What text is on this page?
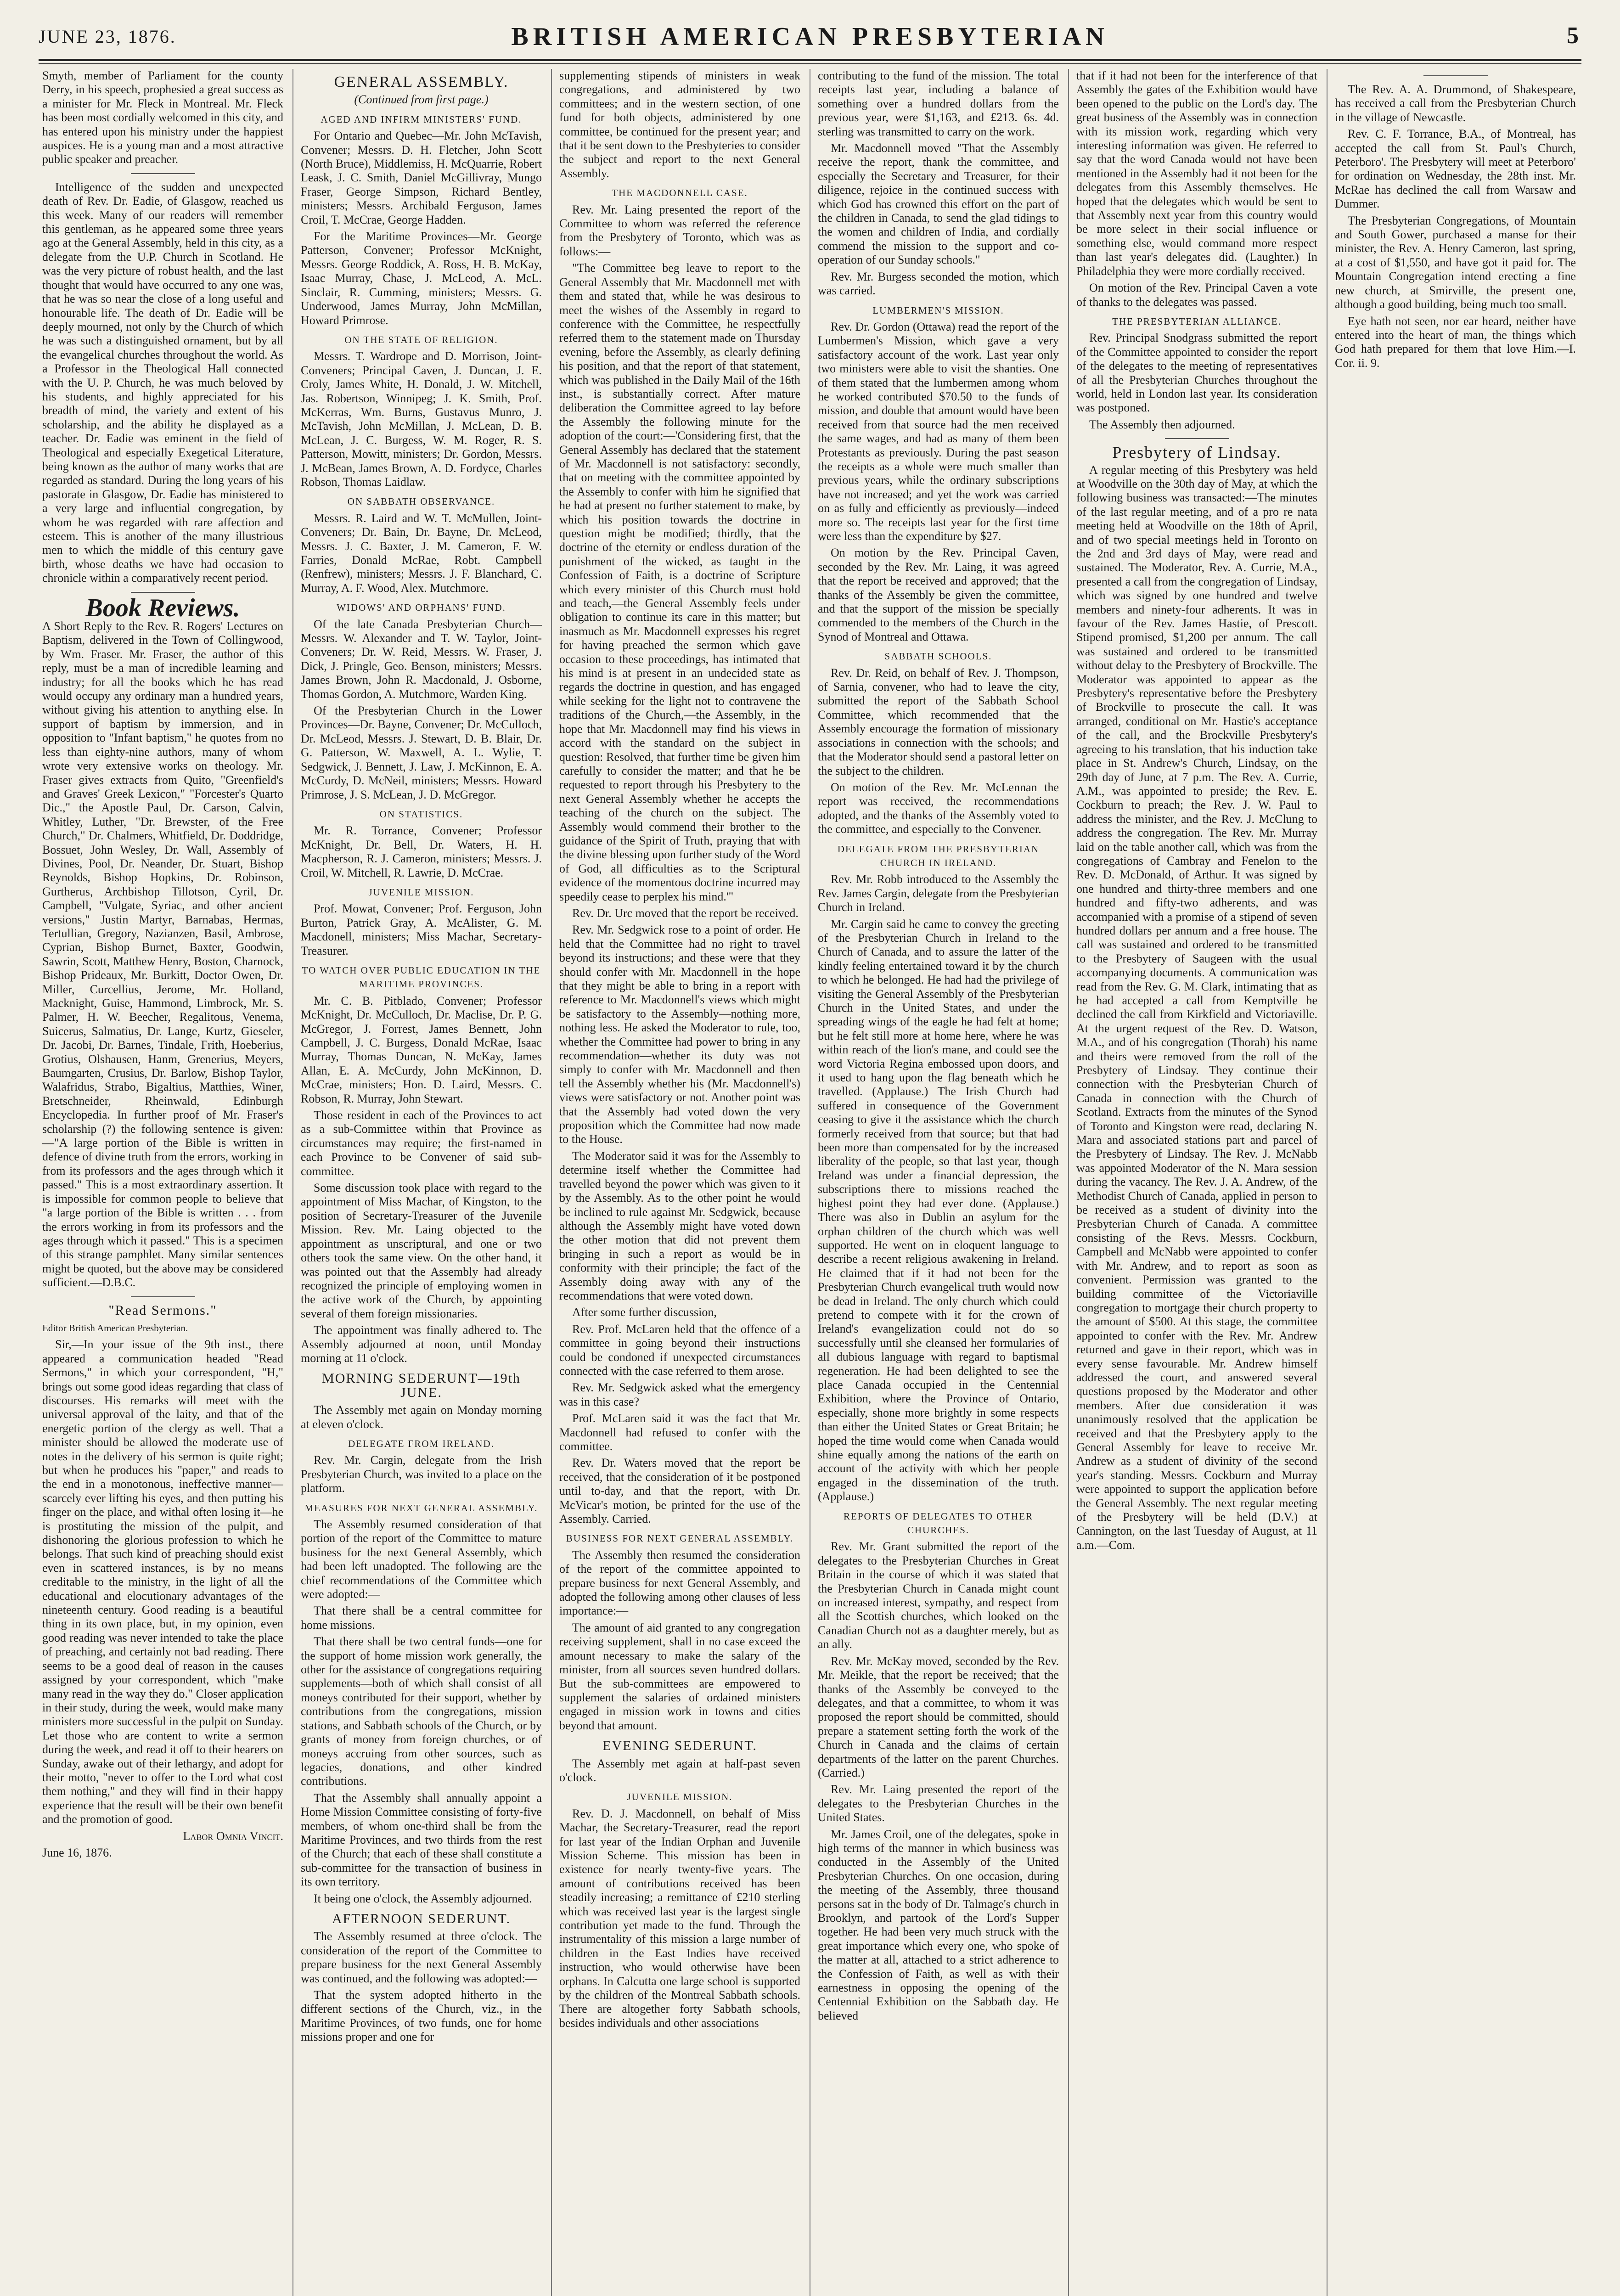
JUNE 23, 1876.	BRITISH AMERICAN PRESBYTERIAN	5

Smyth, member of Parliament for the county Derry, in his speech, prophesied a great success as a minister for Mr. Fleck in Montreal. Mr. Fleck has been most cordially welcomed in this city, and has entered upon his ministry under the happiest auspices. He is a young man and a most attractive public speaker and preacher.

Intelligence of the sudden and unexpected death of Rev. Dr. Eadie, of Glasgow, reached us this week. Many of our readers will remember this gentleman, as he appeared some three years ago at the General Assembly, held in this city, as a delegate from the U.P. Church in Scotland. He was the very picture of robust health, and the last thought that would have occurred to any one was, that he was so near the close of a long useful and honourable life. The death of Dr. Eadie will be deeply mourned, not only by the Church of which he was such a distinguished ornament, but by all the evangelical churches throughout the world. As a Professor in the Theological Hall connected with the U. P. Church, he was much beloved by his students, and highly appreciated for his breadth of mind, the variety and extent of his scholarship, and the ability he displayed as a teacher. Dr. Eadie was eminent in the field of Theological and especially Exegetical Literature, being known as the author of many works that are regarded as standard. During the long years of his pastorate in Glasgow, Dr. Eadie has ministered to a very large and influential congregation, by whom he was regarded with rare affection and esteem. This is another of the many illustrious men to which the middle of this century gave birth, whose deaths we have had occasion to chronicle within a comparatively recent period.

Book Reviews.

A Short Reply to the Rev. R. Rogers' Lectures on Baptism, delivered in the Town of Collingwood, by Wm. Fraser. Mr. Fraser, the author of this reply, must be a man of incredible learning and industry; for all the books which he has read would occupy any ordinary man a hundred years, without giving his attention to anything else. In support of baptism by immersion, and in opposition to "Infant baptism," he quotes from no less than eighty-nine authors, many of whom wrote very extensive works on theology. Mr. Fraser gives extracts from Quito, "Greenfield's and Graves' Greek Lexicon," "Forcester's Quarto Dic.," the Apostle Paul, Dr. Carson, Calvin, Whitley, Luther, "Dr. Brewster, of the Free Church," Dr. Chalmers, Whitfield, Dr. Doddridge, Bossuet, John Wesley, Dr. Wall, Assembly of Divines, Pool, Dr. Neander, Dr. Stuart, Bishop Reynolds, Bishop Hopkins, Dr. Robinson, Gurtherus, Archbishop Tillotson, Cyril, Dr. Campbell, "Vulgate, Syriac, and other ancient versions," Justin Martyr, Barnabas, Hermas, Tertullian, Gregory, Nazianzen, Basil, Ambrose, Cyprian, Bishop Burnet, Baxter, Goodwin, Sawrin, Scott, Matthew Henry, Boston, Charnock, Bishop Prideaux, Mr. Burkitt, Doctor Owen, Dr. Miller, Curcellius, Jerome, Mr. Holland, Macknight, Guise, Hammond, Limbrock, Mr. S. Palmer, H. W. Beecher, Regalitous, Venema, Suicerus, Salmatius, Dr. Lange, Kurtz, Gieseler, Dr. Jacobi, Dr. Barnes, Tindale, Frith, Hoeberius, Grotius, Olshausen, Hanm, Grenerius, Meyers, Baumgarten, Crusius, Dr. Barlow, Bishop Taylor, Walafridus, Strabo, Bigaltius, Matthies, Winer, Bretschneider, Rheinwald, Edinburgh Encyclopedia. In further proof of Mr. Fraser's scholarship (?) the following sentence is given:—"A large portion of the Bible is written in defence of divine truth from the errors, working in from its professors and the ages through which it passed." This is a most extraordinary assertion. It is impossible for common people to believe that "a large portion of the Bible is written . . . from the errors working in from its professors and the ages through which it passed." This is a specimen of this strange pamphlet. Many similar sentences might be quoted, but the above may be considered sufficient.—D.B.C.

"Read Sermons."

Editor British American Presbyterian.

Sir,—In your issue of the 9th inst., there appeared a communication headed "Read Sermons," in which your correspondent, "H," brings out some good ideas regarding that class of discourses. His remarks will meet with the universal approval of the laity, and that of the energetic portion of the clergy as well. That a minister should be allowed the moderate use of notes in the delivery of his sermon is quite right; but when he produces his "paper," and reads to the end in a monotonous, ineffective manner—scarcely ever lifting his eyes, and then putting his finger on the place, and withal often losing it—he is prostituting the mission of the pulpit, and dishonoring the glorious profession to which he belongs. That such kind of preaching should exist even in scattered instances, is by no means creditable to the ministry, in the light of all the educational and elocutionary advantages of the nineteenth century. Good reading is a beautiful thing in its own place, but, in my opinion, even good reading was never intended to take the place of preaching, and certainly not bad reading. There seems to be a good deal of reason in the causes assigned by your correspondent, which "make many read in the way they do." Closer application in their study, during the week, would make many ministers more successful in the pulpit on Sunday. Let those who are content to write a sermon during the week, and read it off to their hearers on Sunday, awake out of their lethargy, and adopt for their motto, "never to offer to the Lord what cost them nothing," and they will find in their happy experience that the result will be their own benefit and the promotion of good.

Labor Omnia Vincit.

June 16, 1876.

GENERAL ASSEMBLY.

(Continued from first page.)

AGED AND INFIRM MINISTERS' FUND.

For Ontario and Quebec—Mr. John McTavish, Convener; Messrs. D. H. Fletcher, John Scott (North Bruce), Middlemiss, H. McQuarrie, Robert Leask, J. C. Smith, Daniel McGillivray, Mungo Fraser, George Simpson, Richard Bentley, ministers; Messrs. Archibald Ferguson, James Croil, T. McCrae, George Hadden.

For the Maritime Provinces—Mr. George Patterson, Convener; Professor McKnight, Messrs. George Roddick, A. Ross, H. B. McKay, Isaac Murray, Chase, J. McLeod, A. McL. Sinclair, R. Cumming, ministers; Messrs. G. Underwood, James Murray, John McMillan, Howard Primrose.

ON THE STATE OF RELIGION.

Messrs. T. Wardrope and D. Morrison, Joint-Conveners; Principal Caven, J. Duncan, J. E. Croly, James White, H. Donald, J. W. Mitchell, Jas. Robertson, Winnipeg; J. K. Smith, Prof. McKerras, Wm. Burns, Gustavus Munro, J. McTavish, John McMillan, J. McLean, D. B. McLean, J. C. Burgess, W. M. Roger, R. S. Patterson, Mowitt, ministers; Dr. Gordon, Messrs. J. McBean, James Brown, A. D. Fordyce, Charles Robson, Thomas Laidlaw.

ON SABBATH OBSERVANCE.

Messrs. R. Laird and W. T. McMullen, Joint-Conveners; Dr. Bain, Dr. Bayne, Dr. McLeod, Messrs. J. C. Baxter, J. M. Cameron, F. W. Farries, Donald McRae, Robt. Campbell (Renfrew), ministers; Messrs. J. F. Blanchard, C. Murray, A. F. Wood, Alex. Mutchmore.

WIDOWS' AND ORPHANS' FUND.

Of the late Canada Presbyterian Church—Messrs. W. Alexander and T. W. Taylor, Joint-Conveners; Dr. W. Reid, Messrs. W. Fraser, J. Dick, J. Pringle, Geo. Benson, ministers; Messrs. James Brown, John R. Macdonald, J. Osborne, Thomas Gordon, A. Mutchmore, Warden King.

Of the Presbyterian Church in the Lower Provinces—Dr. Bayne, Convener; Dr. McCulloch, Dr. McLeod, Messrs. J. Stewart, D. B. Blair, Dr. G. Patterson, W. Maxwell, A. L. Wylie, T. Sedgwick, J. Bennett, J. Law, J. McKinnon, E. A. McCurdy, D. McNeil, ministers; Messrs. Howard Primrose, J. S. McLean, J. D. McGregor.

ON STATISTICS.

Mr. R. Torrance, Convener; Professor McKnight, Dr. Bell, Dr. Waters, H. H. Macpherson, R. J. Cameron, ministers; Messrs. J. Croil, W. Mitchell, R. Lawrie, D. McCrae.

JUVENILE MISSION.

Prof. Mowat, Convener; Prof. Ferguson, John Burton, Patrick Gray, A. McAlister, G. M. Macdonell, ministers; Miss Machar, Secretary-Treasurer.

TO WATCH OVER PUBLIC EDUCATION IN THE MARITIME PROVINCES.

Mr. C. B. Pitblado, Convener; Professor McKnight, Dr. McCulloch, Dr. Maclise, Dr. P. G. McGregor, J. Forrest, James Bennett, John Campbell, J. C. Burgess, Donald McRae, Isaac Murray, Thomas Duncan, N. McKay, James Allan, E. A. McCurdy, John McKinnon, D. McCrae, ministers; Hon. D. Laird, Messrs. C. Robson, R. Murray, John Stewart.

Those resident in each of the Provinces to act as a sub-Committee within that Province as circumstances may require; the first-named in each Province to be Convener of said sub-committee.

Some discussion took place with regard to the appointment of Miss Machar, of Kingston, to the position of Secretary-Treasurer of the Juvenile Mission. Rev. Mr. Laing objected to the appointment as unscriptural, and one or two others took the same view. On the other hand, it was pointed out that the Assembly had already recognized the principle of employing women in the active work of the Church, by appointing several of them foreign missionaries.

The appointment was finally adhered to. The Assembly adjourned at noon, until Monday morning at 11 o'clock.

MORNING SEDERUNT—19th JUNE.

The Assembly met again on Monday morning at eleven o'clock.

DELEGATE FROM IRELAND.

Rev. Mr. Cargin, delegate from the Irish Presbyterian Church, was invited to a place on the platform.

MEASURES FOR NEXT GENERAL ASSEMBLY.

The Assembly resumed consideration of that portion of the report of the Committee to mature business for the next General Assembly, which had been left unadopted. The following are the chief recommendations of the Committee which were adopted:—

That there shall be a central committee for home missions.

That there shall be two central funds—one for the support of home mission work generally, the other for the assistance of congregations requiring supplements—both of which shall consist of all moneys contributed for their support, whether by contributions from the congregations, mission stations, and Sabbath schools of the Church, or by grants of money from foreign churches, or of moneys accruing from other sources, such as legacies, donations, and other kindred contributions.

That the Assembly shall annually appoint a Home Mission Committee consisting of forty-five members, of whom one-third shall be from the Maritime Provinces, and two thirds from the rest of the Church; that each of these shall constitute a sub-committee for the transaction of business in its own territory.

It being one o'clock, the Assembly adjourned.

AFTERNOON SEDERUNT.

The Assembly resumed at three o'clock. The consideration of the report of the Committee to prepare business for the next General Assembly was continued, and the following was adopted:—

That the system adopted hitherto in the different sections of the Church, viz., in the Maritime Provinces, of two funds, one for home missions proper and one for

supplementing stipends of ministers in weak congregations, and administered by two committees; and in the western section, of one fund for both objects, administered by one committee, be continued for the present year; and that it be sent down to the Presbyteries to consider the subject and report to the next General Assembly.

THE MACDONNELL CASE.

Rev. Mr. Laing presented the report of the Committee to whom was referred the reference from the Presbytery of Toronto, which was as follows:—

"The Committee beg leave to report to the General Assembly that Mr. Macdonnell met with them and stated that, while he was desirous to meet the wishes of the Assembly in regard to conference with the Committee, he respectfully referred them to the statement made on Thursday evening, before the Assembly, as clearly defining his position, and that the report of that statement, which was published in the Daily Mail of the 16th inst., is substantially correct. After mature deliberation the Committee agreed to lay before the Assembly the following minute for the adoption of the court:—'Considering first, that the General Assembly has declared that the statement of Mr. Macdonnell is not satisfactory: secondly, that on meeting with the committee appointed by the Assembly to confer with him he signified that he had at present no further statement to make, by which his position towards the doctrine in question might be modified; thirdly, that the doctrine of the eternity or endless duration of the punishment of the wicked, as taught in the Confession of Faith, is a doctrine of Scripture which every minister of this Church must hold and teach,—the General Assembly feels under obligation to continue its care in this matter; but inasmuch as Mr. Macdonnell expresses his regret for having preached the sermon which gave occasion to these proceedings, has intimated that his mind is at present in an undecided state as regards the doctrine in question, and has engaged while seeking for the light not to contravene the traditions of the Church,—the Assembly, in the hope that Mr. Macdonnell may find his views in accord with the standard on the subject in question: Resolved, that further time be given him carefully to consider the matter; and that he be requested to report through his Presbytery to the next General Assembly whether he accepts the teaching of the church on the subject. The Assembly would commend their brother to the guidance of the Spirit of Truth, praying that with the divine blessing upon further study of the Word of God, all difficulties as to the Scriptural evidence of the momentous doctrine incurred may speedily cease to perplex his mind.'"

Rev. Dr. Urc moved that the report be received.

Rev. Mr. Sedgwick rose to a point of order. He held that the Committee had no right to travel beyond its instructions; and these were that they should confer with Mr. Macdonnell in the hope that they might be able to bring in a report with reference to Mr. Macdonnell's views which might be satisfactory to the Assembly—nothing more, nothing less. He asked the Moderator to rule, too, whether the Committee had power to bring in any recommendation—whether its duty was not simply to confer with Mr. Macdonnell and then tell the Assembly whether his (Mr. Macdonnell's) views were satisfactory or not. Another point was that the Assembly had voted down the very proposition which the Committee had now made to the House.

The Moderator said it was for the Assembly to determine itself whether the Committee had travelled beyond the power which was given to it by the Assembly. As to the other point he would be inclined to rule against Mr. Sedgwick, because although the Assembly might have voted down the other motion that did not prevent them bringing in such a report as would be in conformity with their principle; the fact of the Assembly doing away with any of the recommendations that were voted down.

After some further discussion,

Rev. Prof. McLaren held that the offence of a committee in going beyond their instructions could be condoned if unexpected circumstances connected with the case referred to them arose.

Rev. Mr. Sedgwick asked what the emergency was in this case?

Prof. McLaren said it was the fact that Mr. Macdonnell had refused to confer with the committee.

Rev. Dr. Waters moved that the report be received, that the consideration of it be postponed until to-day, and that the report, with Dr. McVicar's motion, be printed for the use of the Assembly. Carried.

BUSINESS FOR NEXT GENERAL ASSEMBLY.

The Assembly then resumed the consideration of the report of the committee appointed to prepare business for next General Assembly, and adopted the following among other clauses of less importance:—

The amount of aid granted to any congregation receiving supplement, shall in no case exceed the amount necessary to make the salary of the minister, from all sources seven hundred dollars. But the sub-committees are empowered to supplement the salaries of ordained ministers engaged in mission work in towns and cities beyond that amount.

EVENING SEDERUNT.

The Assembly met again at half-past seven o'clock.

JUVENILE MISSION.

Rev. D. J. Macdonnell, on behalf of Miss Machar, the Secretary-Treasurer, read the report for last year of the Indian Orphan and Juvenile Mission Scheme. This mission has been in existence for nearly twenty-five years. The amount of contributions received has been steadily increasing; a remittance of £210 sterling which was received last year is the largest single contribution yet made to the fund. Through the instrumentality of this mission a large number of children in the East Indies have received instruction, who would otherwise have been orphans. In Calcutta one large school is supported by the children of the Montreal Sabbath schools. There are altogether forty Sabbath schools, besides individuals and other associations

contributing to the fund of the mission. The total receipts last year, including a balance of something over a hundred dollars from the previous year, were $1,163, and £213. 6s. 4d. sterling was transmitted to carry on the work.

Mr. Macdonnell moved "That the Assembly receive the report, thank the committee, and especially the Secretary and Treasurer, for their diligence, rejoice in the continued success with which God has crowned this effort on the part of the children in Canada, to send the glad tidings to the women and children of India, and cordially commend the mission to the support and co-operation of our Sunday schools."

Rev. Mr. Burgess seconded the motion, which was carried.

LUMBERMEN'S MISSION.

Rev. Dr. Gordon (Ottawa) read the report of the Lumbermen's Mission, which gave a very satisfactory account of the work. Last year only two ministers were able to visit the shanties. One of them stated that the lumbermen among whom he worked contributed $70.50 to the funds of mission, and double that amount would have been received from that source had the men received the same wages, and had as many of them been Protestants as previously. During the past season the receipts as a whole were much smaller than previous years, while the ordinary subscriptions have not increased; and yet the work was carried on as fully and efficiently as previously—indeed more so. The receipts last year for the first time were less than the expenditure by $27.

On motion by the Rev. Principal Caven, seconded by the Rev. Mr. Laing, it was agreed that the report be received and approved; that the thanks of the Assembly be given the committee, and that the support of the mission be specially commended to the members of the Church in the Synod of Montreal and Ottawa.

SABBATH SCHOOLS.

Rev. Dr. Reid, on behalf of Rev. J. Thompson, of Sarnia, convener, who had to leave the city, submitted the report of the Sabbath School Committee, which recommended that the Assembly encourage the formation of missionary associations in connection with the schools; and that the Moderator should send a pastoral letter on the subject to the children.

On motion of the Rev. Mr. McLennan the report was received, the recommendations adopted, and the thanks of the Assembly voted to the committee, and especially to the Convener.

DELEGATE FROM THE PRESBYTERIAN CHURCH IN IRELAND.

Rev. Mr. Robb introduced to the Assembly the Rev. James Cargin, delegate from the Presbyterian Church in Ireland.

Mr. Cargin said he came to convey the greeting of the Presbyterian Church in Ireland to the Church of Canada, and to assure the latter of the kindly feeling entertained toward it by the church to which he belonged. He had had the privilege of visiting the General Assembly of the Presbyterian Church in the United States, and under the spreading wings of the eagle he had felt at home; but he felt still more at home here, where he was within reach of the lion's mane, and could see the word Victoria Regina embossed upon doors, and it used to hang upon the flag beneath which he travelled. (Applause.) The Irish Church had suffered in consequence of the Government ceasing to give it the assistance which the church formerly received from that source; but that had been more than compensated for by the increased liberality of the people, so that last year, though Ireland was under a financial depression, the subscriptions there to missions reached the highest point they had ever done. (Applause.) There was also in Dublin an asylum for the orphan children of the church which was well supported. He went on in eloquent language to describe a recent religious awakening in Ireland. He claimed that if it had not been for the Presbyterian Church evangelical truth would now be dead in Ireland. The only church which could pretend to compete with it for the crown of Ireland's evangelization could not do so successfully until she cleansed her formularies of all dubious language with regard to baptismal regeneration. He had been delighted to see the place Canada occupied in the Centennial Exhibition, where the Province of Ontario, especially, shone more brightly in some respects than either the United States or Great Britain; he hoped the time would come when Canada would shine equally among the nations of the earth on account of the activity with which her people engaged in the dissemination of the truth. (Applause.)

REPORTS OF DELEGATES TO OTHER CHURCHES.

Rev. Mr. Grant submitted the report of the delegates to the Presbyterian Churches in Great Britain in the course of which it was stated that the Presbyterian Church in Canada might count on increased interest, sympathy, and respect from all the Scottish churches, which looked on the Canadian Church not as a daughter merely, but as an ally.

Rev. Mr. McKay moved, seconded by the Rev. Mr. Meikle, that the report be received; that the thanks of the Assembly be conveyed to the delegates, and that a committee, to whom it was proposed the report should be committed, should prepare a statement setting forth the work of the Church in Canada and the claims of certain departments of the latter on the parent Churches. (Carried.)

Rev. Mr. Laing presented the report of the delegates to the Presbyterian Churches in the United States.

Mr. James Croil, one of the delegates, spoke in high terms of the manner in which business was conducted in the Assembly of the United Presbyterian Churches. On one occasion, during the meeting of the Assembly, three thousand persons sat in the body of Dr. Talmage's church in Brooklyn, and partook of the Lord's Supper together. He had been very much struck with the great importance which every one, who spoke of the matter at all, attached to a strict adherence to the Confession of Faith, as well as with their earnestness in opposing the opening of the Centennial Exhibition on the Sabbath day. He believed

that if it had not been for the interference of that Assembly the gates of the Exhibition would have been opened to the public on the Lord's day. The great business of the Assembly was in connection with its mission work, regarding which very interesting information was given. He referred to say that the word Canada would not have been mentioned in the Assembly had it not been for the delegates from this Assembly themselves. He hoped that the delegates which would be sent to that Assembly next year from this country would be more select in their social influence or something else, would command more respect than last year's delegates did. (Laughter.) In Philadelphia they were more cordially received.

On motion of the Rev. Principal Caven a vote of thanks to the delegates was passed.

THE PRESBYTERIAN ALLIANCE.

Rev. Principal Snodgrass submitted the report of the Committee appointed to consider the report of the delegates to the meeting of representatives of all the Presbyterian Churches throughout the world, held in London last year. Its consideration was postponed.

The Assembly then adjourned.

Presbytery of Lindsay.

A regular meeting of this Presbytery was held at Woodville on the 30th day of May, at which the following business was transacted:—The minutes of the last regular meeting, and of a pro re nata meeting held at Woodville on the 18th of April, and of two special meetings held in Toronto on the 2nd and 3rd days of May, were read and sustained. The Moderator, Rev. A. Currie, M.A., presented a call from the congregation of Lindsay, which was signed by one hundred and twelve members and ninety-four adherents. It was in favour of the Rev. James Hastie, of Prescott. Stipend promised, $1,200 per annum. The call was sustained and ordered to be transmitted without delay to the Presbytery of Brockville. The Moderator was appointed to appear as the Presbytery's representative before the Presbytery of Brockville to prosecute the call. It was arranged, conditional on Mr. Hastie's acceptance of the call, and the Brockville Presbytery's agreeing to his translation, that his induction take place in St. Andrew's Church, Lindsay, on the 29th day of June, at 7 p.m. The Rev. A. Currie, A.M., was appointed to preside; the Rev. E. Cockburn to preach; the Rev. J. W. Paul to address the minister, and the Rev. J. McClung to address the congregation. The Rev. Mr. Murray laid on the table another call, which was from the congregations of Cambray and Fenelon to the Rev. D. McDonald, of Arthur. It was signed by one hundred and thirty-three members and one hundred and fifty-two adherents, and was accompanied with a promise of a stipend of seven hundred dollars per annum and a free house. The call was sustained and ordered to be transmitted to the Presbytery of Saugeen with the usual accompanying documents. A communication was read from the Rev. G. M. Clark, intimating that as he had accepted a call from Kemptville he declined the call from Kirkfield and Victoriaville. At the urgent request of the Rev. D. Watson, M.A., and of his congregation (Thorah) his name and theirs were removed from the roll of the Presbytery of Lindsay. They continue their connection with the Presbyterian Church of Canada in connection with the Church of Scotland. Extracts from the minutes of the Synod of Toronto and Kingston were read, declaring N. Mara and associated stations part and parcel of the Presbytery of Lindsay. The Rev. J. McNabb was appointed Moderator of the N. Mara session during the vacancy. The Rev. J. A. Andrew, of the Methodist Church of Canada, applied in person to be received as a student of divinity into the Presbyterian Church of Canada. A committee consisting of the Revs. Messrs. Cockburn, Campbell and McNabb were appointed to confer with Mr. Andrew, and to report as soon as convenient. Permission was granted to the building committee of the Victoriaville congregation to mortgage their church property to the amount of $500. At this stage, the committee appointed to confer with the Rev. Mr. Andrew returned and gave in their report, which was in every sense favourable. Mr. Andrew himself addressed the court, and answered several questions proposed by the Moderator and other members. After due consideration it was unanimously resolved that the application be received and that the Presbytery apply to the General Assembly for leave to receive Mr. Andrew as a student of divinity of the second year's standing. Messrs. Cockburn and Murray were appointed to support the application before the General Assembly. The next regular meeting of the Presbytery will be held (D.V.) at Cannington, on the last Tuesday of August, at 11 a.m.—Com.

The Rev. A. A. Drummond, of Shakespeare, has received a call from the Presbyterian Church in the village of Newcastle.

Rev. C. F. Torrance, B.A., of Montreal, has accepted the call from St. Paul's Church, Peterboro'. The Presbytery will meet at Peterboro' for ordination on Wednesday, the 28th inst. Mr. McRae has declined the call from Warsaw and Dummer.

The Presbyterian Congregations, of Mountain and South Gower, purchased a manse for their minister, the Rev. A. Henry Cameron, last spring, at a cost of $1,550, and have got it paid for. The Mountain Congregation intend erecting a fine new church, at Smirville, the present one, although a good building, being much too small.

Eye hath not seen, nor ear heard, neither have entered into the heart of man, the things which God hath prepared for them that love Him.—I. Cor. ii. 9.
